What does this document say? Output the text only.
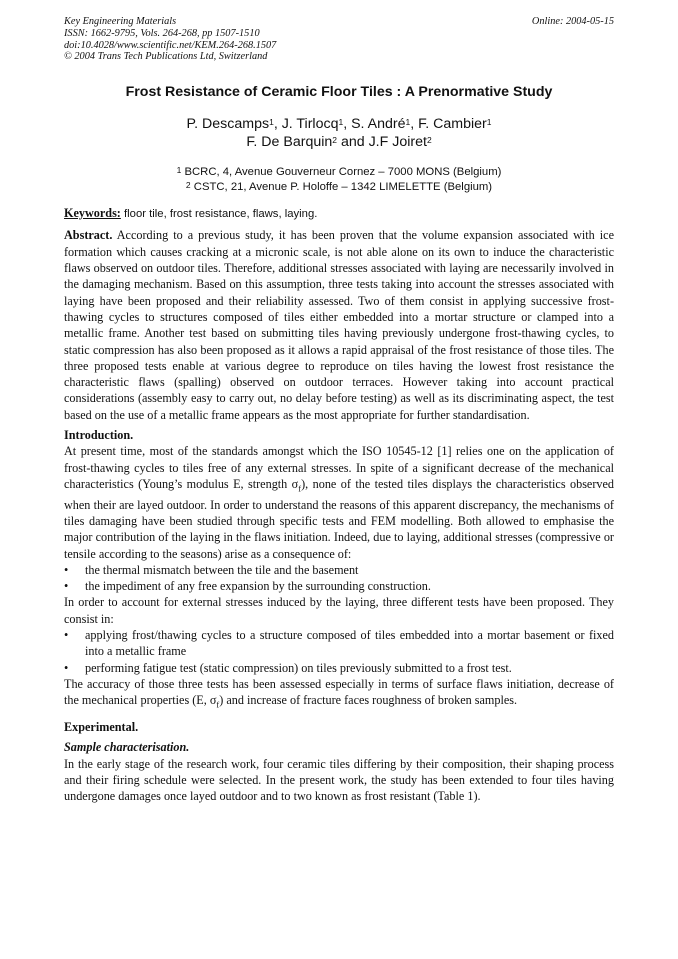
Key Engineering Materials
ISSN: 1662-9795, Vols. 264-268, pp 1507-1510
doi:10.4028/www.scientific.net/KEM.264-268.1507
© 2004 Trans Tech Publications Ltd, Switzerland
Online: 2004-05-15
Frost Resistance of Ceramic Floor Tiles : A Prenormative Study
P. Descamps$^1$, J. Tirlocq$^1$, S. André$^1$, F. Cambier$^1$
F. De Barquin$^2$ and J.F Joiret$^2$
$^1$ BCRC, 4, Avenue Gouverneur Cornez – 7000 MONS (Belgium)
$^2$ CSTC, 21, Avenue P. Holoffe – 1342 LIMELETTE (Belgium)
Keywords: floor tile, frost resistance, flaws, laying.

Abstract. According to a previous study, it has been proven that the volume expansion associated with ice formation which causes cracking at a micronic scale, is not able alone on its own to induce the characteristic flaws observed on outdoor tiles. Therefore, additional stresses associated with laying are necessarily involved in the damaging mechanism. Based on this assumption, three tests taking into account the stresses associated with laying have been proposed and their reliability assessed. Two of them consist in applying successive frost-thawing cycles to structures composed of tiles either embedded into a mortar structure or clamped into a metallic frame. Another test based on submitting tiles having previously undergone frost-thawing cycles, to static compression has also been proposed as it allows a rapid appraisal of the frost resistance of those tiles. The three proposed tests enable at various degree to reproduce on tiles having the lowest frost resistance the characteristic flaws (spalling) observed on outdoor terraces. However taking into account practical considerations (assembly easy to carry out, no delay before testing) as well as its discriminating aspect, the test based on the use of a metallic frame appears as the most appropriate for further standardisation.

Introduction.

At present time, most of the standards amongst which the ISO 10545-12 [1] relies one on the application of frost-thawing cycles to tiles free of any external stresses. In spite of a significant decrease of the mechanical characteristics (Young’s modulus E, strength $\sigma_f$), none of the tested tiles displays the characteristics observed when their are layed outdoor. In order to understand the reasons of this apparent discrepancy, the mechanisms of tiles damaging have been studied through specific tests and FEM modelling. Both allowed to emphasise the major contribution of the laying in the flaws initiation. Indeed, due to laying, additional stresses (compressive or tensile according to the seasons) arise as a consequence of:

•	the thermal mismatch between the tile and the basement
•	the impediment of any free expansion by the surrounding construction.

In order to account for external stresses induced by the laying, three different tests have been proposed. They consist in:

•	applying frost/thawing cycles to a structure composed of tiles embedded into a mortar basement or fixed into a metallic frame
•	performing fatigue test (static compression) on tiles previously submitted to a frost test.

The accuracy of those three tests has been assessed especially in terms of surface flaws initiation, decrease of the mechanical properties (E, $\sigma_f$) and increase of fracture faces roughness of broken samples.

Experimental.
Sample characterisation.

In the early stage of the research work, four ceramic tiles differing by their composition, their shaping process and their firing schedule were selected. In the present work, the study has been extended to four tiles having undergone damages once layed outdoor and to two known as frost resistant (Table 1).
